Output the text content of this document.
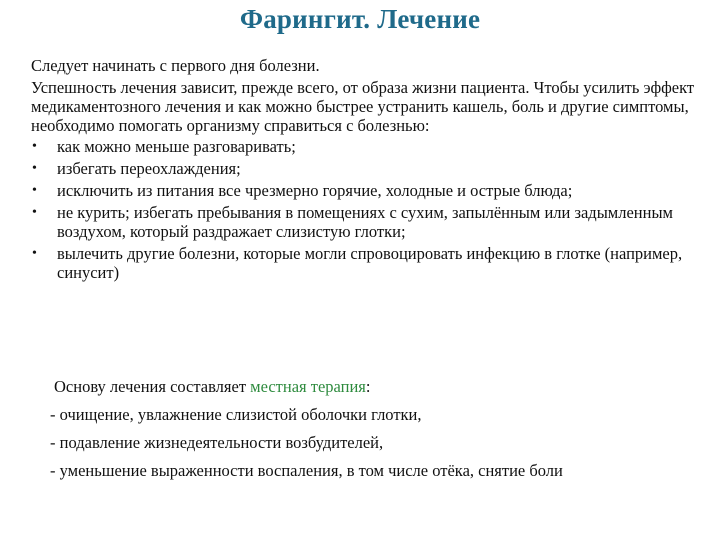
Фарингит. Лечение

Следует начинать с первого дня болезни.

Успешность лечения зависит, прежде всего, от образа жизни пациента. Чтобы усилить эффект медикаментозного лечения и как можно быстрее устранить кашель, боль и другие симптомы, необходимо помогать организму справиться с болезнью:

• как можно меньше разговаривать;
• избегать переохлаждения;
• исключить из питания все чрезмерно горячие, холодные и острые блюда;
• не курить; избегать пребывания в помещениях с сухим, запылённым или задымленным воздухом, который раздражает слизистую глотки;
• вылечить другие болезни, которые могли спровоцировать инфекцию в глотке (например, синусит)

Основу лечения составляет местная терапия:

- очищение, увлажнение слизистой оболочки глотки,

- подавление жизнедеятельности возбудителей,

- уменьшение выраженности воспаления, в том числе отёка, снятие боли
